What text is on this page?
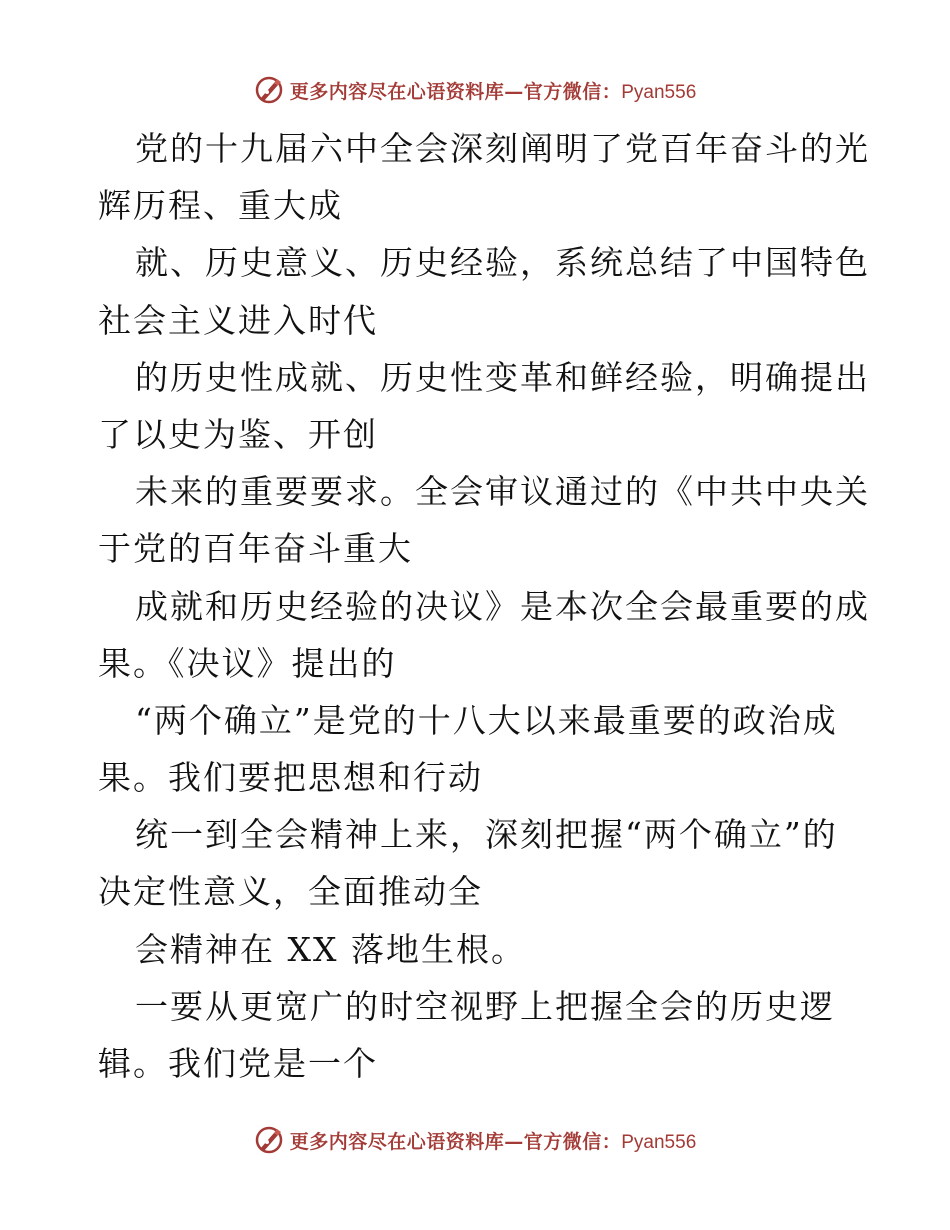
更多内容尽在心语资料库—官方微信：Pyan556
党的十九届六中全会深刻阐明了党百年奋斗的光
辉历程、重大成
就、历史意义、历史经验，系统总结了中国特色
社会主义进入时代
的历史性成就、历史性变革和鲜经验，明确提出
了以史为鉴、开创
未来的重要要求。全会审议通过的《中共中央关
于党的百年奋斗重大
成就和历史经验的决议》是本次全会最重要的成
果。《决议》提出的
“两个确立”是党的十八大以来最重要的政治成
果。我们要把思想和行动
统一到全会精神上来，深刻把握“两个确立”的
决定性意义，全面推动全
会精神在 XX 落地生根。
一要从更宽广的时空视野上把握全会的历史逻
辑。我们党是一个
更多内容尽在心语资料库—官方微信：Pyan556
